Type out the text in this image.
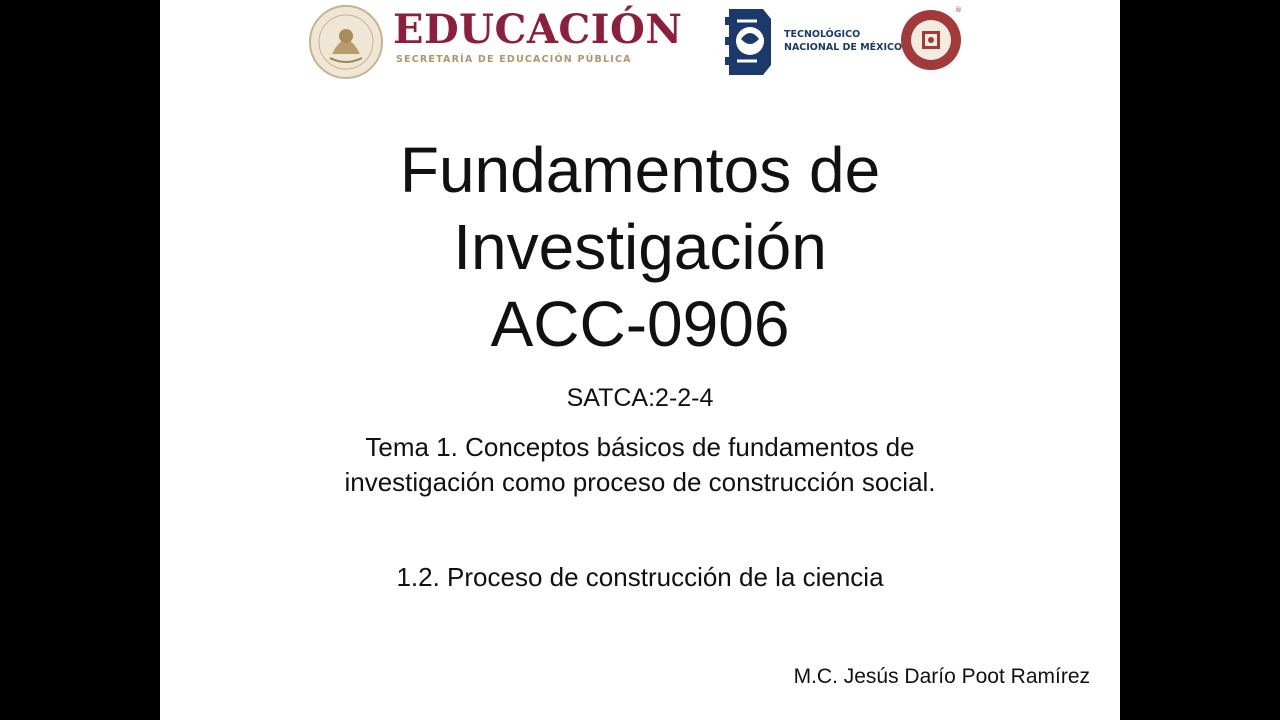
EDUCACIÓN
SECRETARÍA DE EDUCACIÓN PÚBLICA
TECNOLÓGICO
NACIONAL DE MÉXICO
®
Fundamentos de
Investigación
ACC-0906
SATCA:2-2-4
Tema 1. Conceptos básicos de fundamentos de
investigación como proceso de construcción social.
1.2. Proceso de construcción de la ciencia
M.C. Jesús Darío Poot Ramírez
